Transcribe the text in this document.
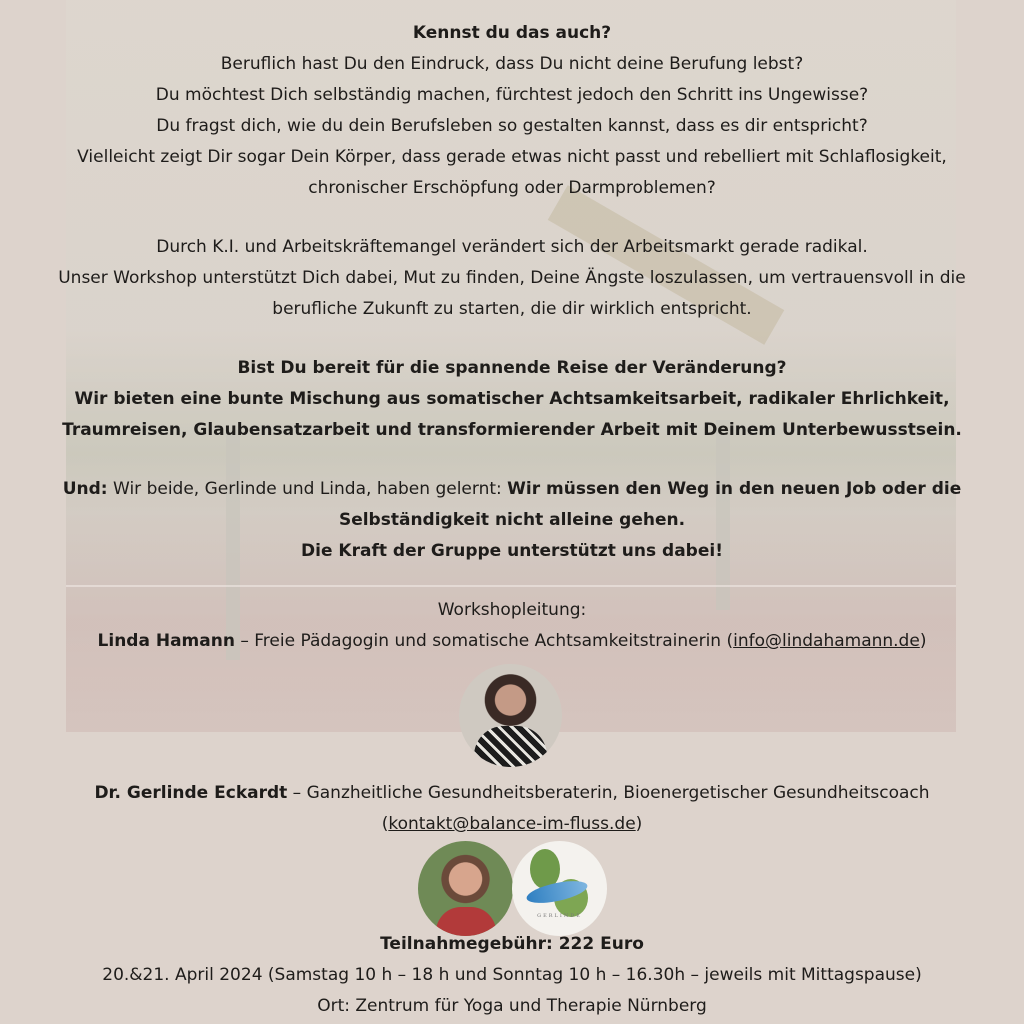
Kennst du das auch?

Beruflich hast Du den Eindruck, dass Du nicht deine Berufung lebst?

Du möchtest Dich selbständig machen, fürchtest jedoch den Schritt ins Ungewisse?

Du fragst dich, wie du dein Berufsleben so gestalten kannst, dass es dir entspricht?

Vielleicht zeigt Dir sogar Dein Körper, dass gerade etwas nicht passt und rebelliert mit Schlaflosigkeit,

chronischer Erschöpfung oder Darmproblemen?

Durch K.I. und Arbeitskräftemangel verändert sich der Arbeitsmarkt gerade radikal.

Unser Workshop unterstützt Dich dabei, Mut zu finden, Deine Ängste loszulassen, um vertrauensvoll in die

berufliche Zukunft zu starten, die dir wirklich entspricht.

Bist Du bereit für die spannende Reise der Veränderung?

Wir bieten eine bunte Mischung aus somatischer Achtsamkeitsarbeit, radikaler Ehrlichkeit,

Traumreisen, Glaubensatzarbeit und transformierender Arbeit mit Deinem Unterbewusstsein.

Und: Wir beide, Gerlinde und Linda, haben gelernt: Wir müssen den Weg in den neuen Job oder die

Selbständigkeit nicht alleine gehen.

Die Kraft der Gruppe unterstützt uns dabei!

Workshopleitung:

Linda Hamann – Freie Pädagogin und somatische Achtsamkeitstrainerin (info@lindahamann.de)

Dr. Gerlinde Eckardt – Ganzheitliche Gesundheitsberaterin, Bioenergetischer Gesundheitscoach

(kontakt@balance-im-fluss.de)

GERLINDE

Teilnahmegebühr: 222 Euro

20.&21. April 2024 (Samstag 10 h – 18 h und Sonntag 10 h – 16.30h – jeweils mit Mittagspause)

Ort: Zentrum für Yoga und Therapie Nürnberg
